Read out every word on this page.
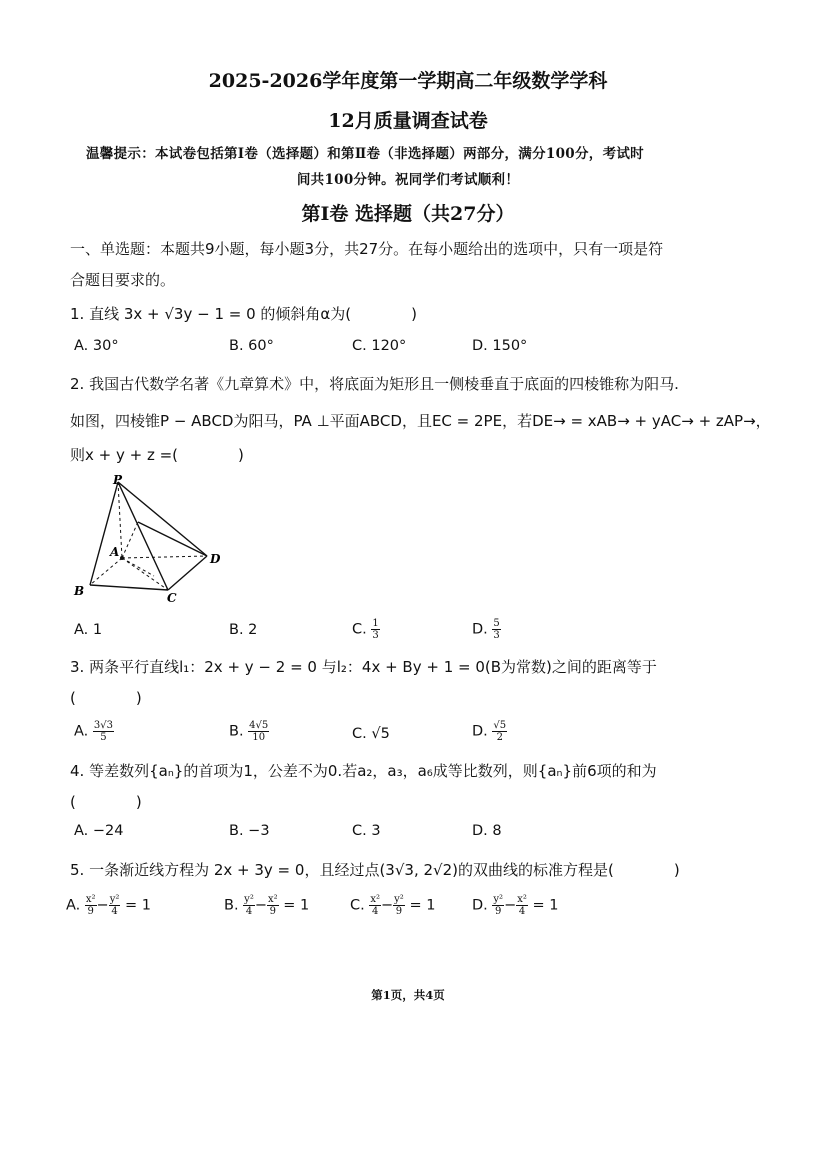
2025-2026学年度第一学期高二年级数学学科
12月质量调查试卷
温馨提示：本试卷包括第Ⅰ卷（选择题）和第Ⅱ卷（非选择题）两部分，满分100分，考试时
间共100分钟。祝同学们考试顺利！
第Ⅰ卷 选择题（共27分）
一、单选题：本题共9小题，每小题3分，共27分。在每小题给出的选项中，只有一项是符
合题目要求的。
1. 直线 3x + √3y − 1 = 0 的倾斜角α为(　　　　)
A. 30°	B. 60°	C. 120°	D. 150°
2. 我国古代数学名著《九章算术》中，将底面为矩形且一侧棱垂直于底面的四棱锥称为阳马.
如图，四棱锥P − ABCD为阳马，PA ⊥平面ABCD，且EC = 2PE，若DE→ = xAB→ + yAC→ + zAP→，
则x + y + z =(　　　　)
P
A	D
B	C
A. 1	B. 2	C. $\frac{1}{3}$	D. $\frac{5}{3}$
3. 两条平行直线l₁：2x + y − 2 = 0 与l₂：4x + By + 1 = 0(B为常数)之间的距离等于
(　　　　)
A. $\frac{3√3}{5}$	B. $\frac{4√5}{10}$	C. √5	D. $\frac{√5}{2}$
4. 等差数列{aₙ}的首项为1，公差不为0.若a₂，a₃，a₆成等比数列，则{aₙ}前6项的和为
(　　　　)
A. −24	B. −3	C. 3	D. 8
5. 一条渐近线方程为 2x + 3y = 0，且经过点(3√3, 2√2)的双曲线的标准方程是(　　　　)
A. $\frac{\text{x²}}{9} - \frac{\text{y²}}{4} = 1$	B. $\frac{\text{y²}}{4} - \frac{\text{x²}}{9} = 1$	C. $\frac{\text{x²}}{4} - \frac{\text{y²}}{9} = 1$	D. $\frac{\text{y²}}{9} - \frac{\text{x²}}{4} = 1$
第1页，共4页
